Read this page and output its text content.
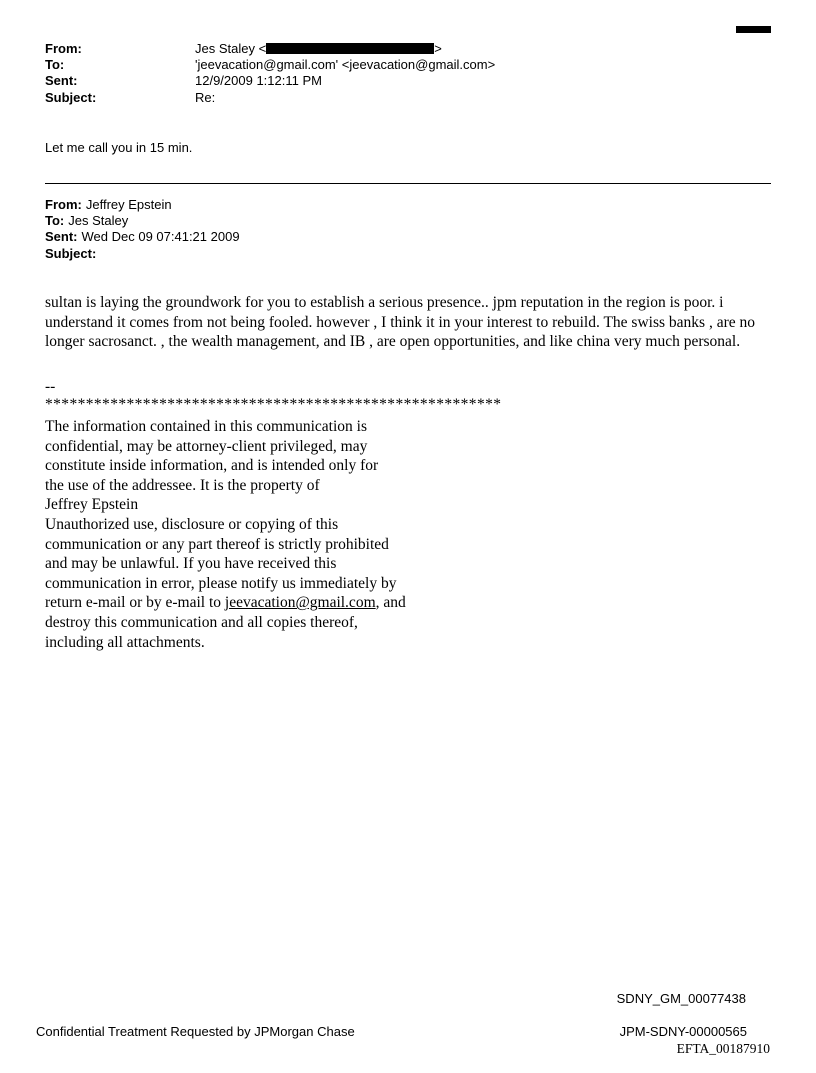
From:	Jes Staley <	>
To:	'jeevacation@gmail.com' <jeevacation@gmail.com>
Sent:	12/9/2009 1:12:11 PM
Subject:	Re:
Let me call you in 15 min.
From: Jeffrey Epstein
To: Jes Staley
Sent: Wed Dec 09 07:41:21 2009
Subject:
sultan is laying the groundwork for you to establish a serious presence.. jpm reputation in the region is poor. i understand it comes from not being fooled. however , I think it in your interest to rebuild. The swiss banks , are no longer sacrosanct. , the wealth management, and IB , are open opportunities, and like china very much personal.
--
********************************************************
The information contained in this communication is
confidential, may be attorney-client privileged, may
constitute inside information, and is intended only for
the use of the addressee. It is the property of
Jeffrey Epstein
Unauthorized use, disclosure or copying of this
communication or any part thereof is strictly prohibited
and may be unlawful. If you have received this
communication in error, please notify us immediately by
return e-mail or by e-mail to jeevacation@gmail.com, and
destroy this communication and all copies thereof,
including all attachments.
SDNY_GM_00077438
Confidential Treatment Requested by JPMorgan Chase	JPM-SDNY-00000565
EFTA_00187910
